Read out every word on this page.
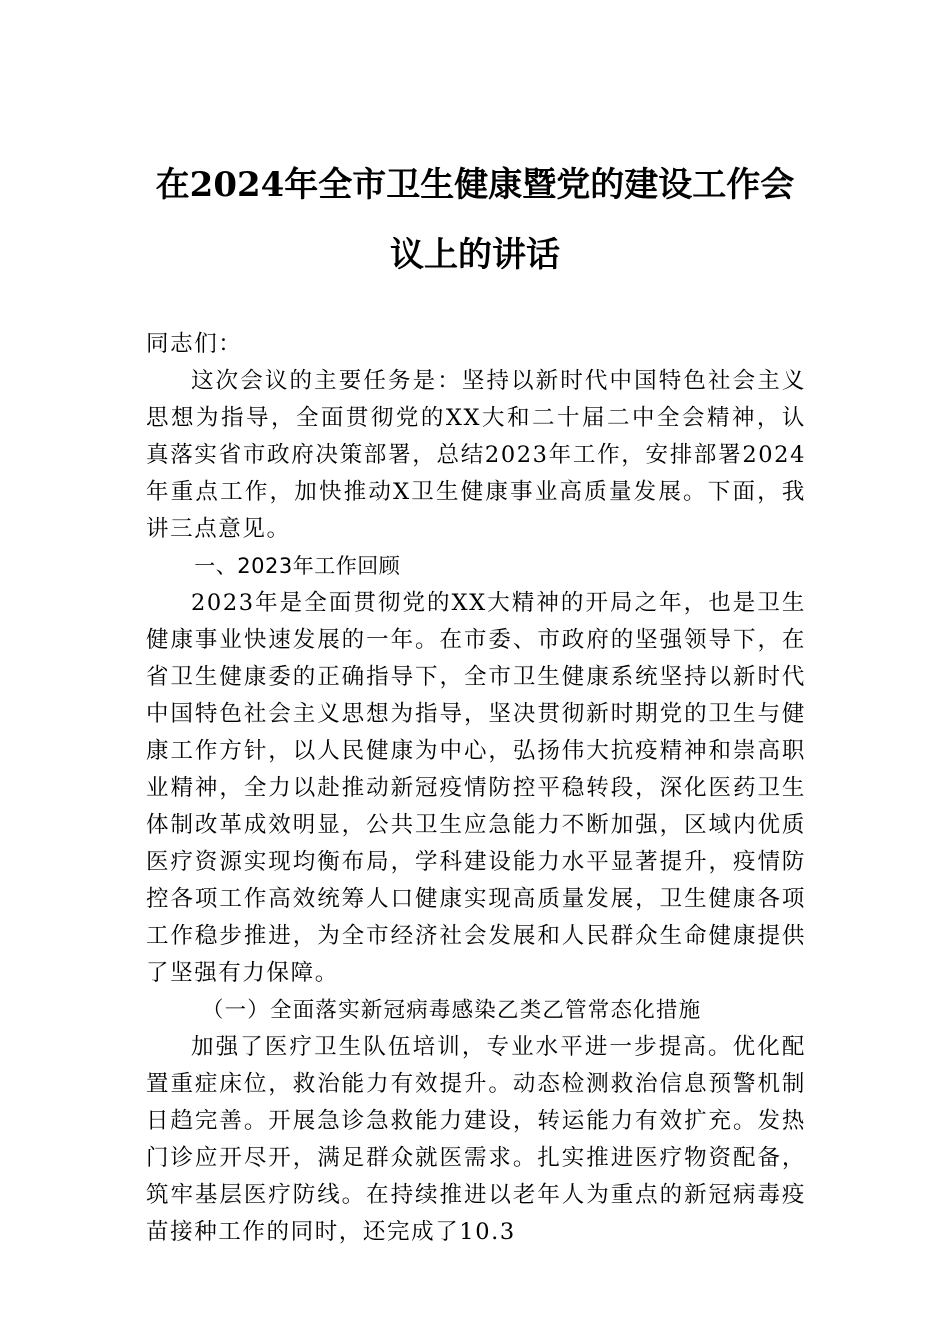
在2024年全市卫生健康暨党的建设工作会
议上的讲话

同志们：

这次会议的主要任务是：坚持以新时代中国特色社会主义思想为指导，全面贯彻党的XX大和二十届二中全会精神，认真落实省市政府决策部署，总结2023年工作，安排部署2024年重点工作，加快推动X卫生健康事业高质量发展。下面，我讲三点意见。

一、2023年工作回顾

2023年是全面贯彻党的XX大精神的开局之年，也是卫生健康事业快速发展的一年。在市委、市政府的坚强领导下，在省卫生健康委的正确指导下，全市卫生健康系统坚持以新时代中国特色社会主义思想为指导，坚决贯彻新时期党的卫生与健康工作方针，以人民健康为中心，弘扬伟大抗疫精神和崇高职业精神，全力以赴推动新冠疫情防控平稳转段，深化医药卫生体制改革成效明显，公共卫生应急能力不断加强，区域内优质医疗资源实现均衡布局，学科建设能力水平显著提升，疫情防控各项工作高效统筹人口健康实现高质量发展，卫生健康各项工作稳步推进，为全市经济社会发展和人民群众生命健康提供了坚强有力保障。

（一）全面落实新冠病毒感染乙类乙管常态化措施

加强了医疗卫生队伍培训，专业水平进一步提高。优化配置重症床位，救治能力有效提升。动态检测救治信息预警机制日趋完善。开展急诊急救能力建设，转运能力有效扩充。发热门诊应开尽开，满足群众就医需求。扎实推进医疗物资配备，筑牢基层医疗防线。在持续推进以老年人为重点的新冠病毒疫苗接种工作的同时，还完成了10.3
